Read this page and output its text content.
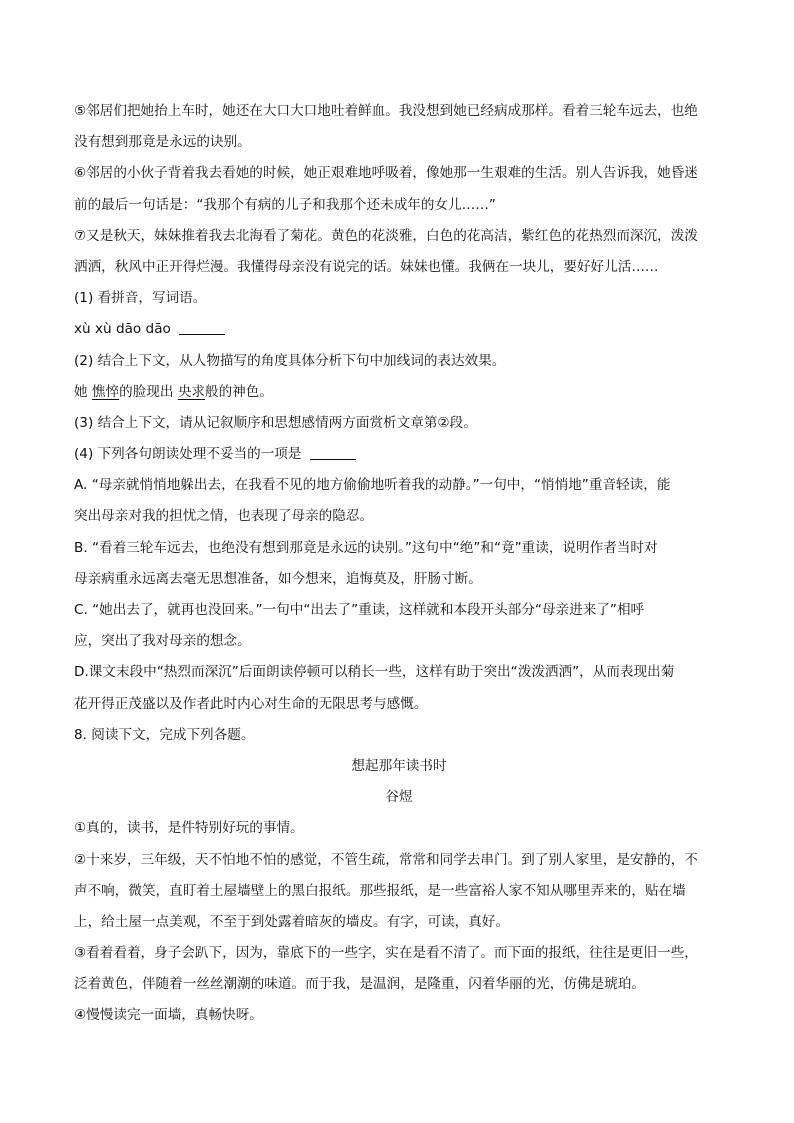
⑤邻居们把她抬上车时，她还在大口大口地吐着鲜血。我没想到她已经病成那样。看着三轮车远去，也绝
没有想到那竟是永远的诀别。
⑥邻居的小伙子背着我去看她的时候，她正艰难地呼吸着，像她那一生艰难的生活。别人告诉我，她昏迷
前的最后一句话是：“我那个有病的儿子和我那个还未成年的女儿……”
⑦又是秋天，妹妹推着我去北海看了菊花。黄色的花淡雅，白色的花高洁，紫红色的花热烈而深沉，泼泼
洒洒，秋风中正开得烂漫。我懂得母亲没有说完的话。妹妹也懂。我俩在一块儿，要好好儿活……
(1) 看拼音，写词语。
xù xù dāo dāo
(2) 结合上下文，从人物描写的角度具体分析下句中加线词的表达效果。
她 憔悴的脸现出 央求般的神色。
(3) 结合上下文，请从记叙顺序和思想感情两方面赏析文章第②段。
(4) 下列各句朗读处理不妥当的一项是
A. “母亲就悄悄地躲出去，在我看不见的地方偷偷地听着我的动静。”一句中，“悄悄地”重音轻读，能
突出母亲对我的担忧之情，也表现了母亲的隐忍。
B. “看着三轮车远去，也绝没有想到那竟是永远的诀别。”这句中“绝”和“竟”重读，说明作者当时对
母亲病重永远离去毫无思想准备，如今想来，追悔莫及，肝肠寸断。
C. “她出去了，就再也没回来。”一句中“出去了”重读，这样就和本段开头部分“母亲进来了”相呼
应，突出了我对母亲的想念。
D.课文末段中“热烈而深沉”后面朗读停顿可以稍长一些，这样有助于突出“泼泼洒洒”，从而表现出菊
花开得正茂盛以及作者此时内心对生命的无限思考与感慨。
8. 阅读下文，完成下列各题。
想起那年读书时
谷煜
①真的，读书，是件特别好玩的事情。
②十来岁，三年级，天不怕地不怕的感觉，不管生疏，常常和同学去串门。到了别人家里，是安静的，不
声不响，微笑，直盯着土屋墙壁上的黑白报纸。那些报纸，是一些富裕人家不知从哪里弄来的，贴在墙
上，给土屋一点美观，不至于到处露着暗灰的墙皮。有字，可读，真好。
③看着看着，身子会趴下，因为，靠底下的一些字，实在是看不清了。而下面的报纸，往往是更旧一些，
泛着黄色，伴随着一丝丝潮潮的味道。而于我，是温润，是隆重，闪着华丽的光，仿佛是琥珀。
④慢慢读完一面墙，真畅快呀。
